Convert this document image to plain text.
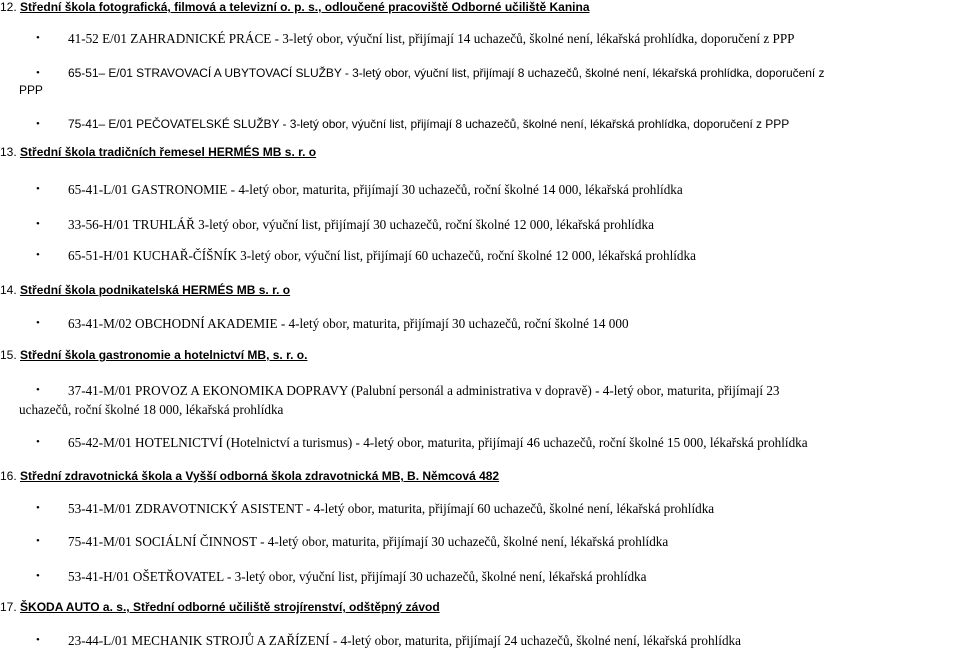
12. Střední škola fotografická, filmová a televizní o. p. s., odloučené pracoviště Odborné učiliště Kanina
•	41-52 E/01 ZAHRADNICKÉ PRÁCE - 3-letý obor, výuční list, přijímají 14 uchazečů, školné není, lékařská prohlídka, doporučení z PPP
•	65-51– E/01 STRAVOVACÍ A UBYTOVACÍ SLUŽBY - 3-letý obor, výuční list, přijímají 8 uchazečů, školné není, lékařská prohlídka, doporučení z
PPP
•	75-41– E/01 PEČOVATELSKÉ SLUŽBY - 3-letý obor, výuční list, přijímají 8 uchazečů, školné není, lékařská prohlídka, doporučení z PPP
13. Střední škola tradičních řemesel HERMÉS MB s. r. o
•	65-41-L/01 GASTRONOMIE - 4-letý obor, maturita, přijímají 30 uchazečů, roční školné 14 000, lékařská prohlídka
•	33-56-H/01 TRUHLÁŘ 3-letý obor, výuční list, přijímají 30 uchazečů, roční školné 12 000, lékařská prohlídka
•	65-51-H/01 KUCHAŘ-ČÍŠNÍK 3-letý obor, výuční list, přijímají 60 uchazečů, roční školné 12 000, lékařská prohlídka
14. Střední škola podnikatelská HERMÉS MB s. r. o
•	63-41-M/02 OBCHODNÍ AKADEMIE - 4-letý obor, maturita, přijímají 30 uchazečů, roční školné 14 000
15. Střední škola gastronomie a hotelnictví MB, s. r. o.
•	37-41-M/01 PROVOZ A EKONOMIKA DOPRAVY (Palubní personál a administrativa v dopravě) - 4-letý obor, maturita, přijímají 23
uchazečů, roční školné 18 000, lékařská prohlídka
•	65-42-M/01 HOTELNICTVÍ (Hotelnictví a turismus) - 4-letý obor, maturita, přijímají 46 uchazečů, roční školné 15 000, lékařská prohlídka
16. Střední zdravotnická škola a Vyšší odborná škola zdravotnická MB, B. Němcová 482
•	53-41-M/01 ZDRAVOTNICKÝ ASISTENT - 4-letý obor, maturita, přijímají 60 uchazečů, školné není, lékařská prohlídka
•	75-41-M/01 SOCIÁLNÍ ČINNOST - 4-letý obor, maturita, přijímají 30 uchazečů, školné není, lékařská prohlídka
•	53-41-H/01 OŠETŘOVATEL - 3-letý obor, výuční list, přijímají 30 uchazečů, školné není, lékařská prohlídka
17. ŠKODA AUTO a. s., Střední odborné učiliště strojírenství, odštěpný závod
•	23-44-L/01 MECHANIK STROJŮ A ZAŘÍZENÍ - 4-letý obor, maturita, přijímají 24 uchazečů, školné není, lékařská prohlídka
